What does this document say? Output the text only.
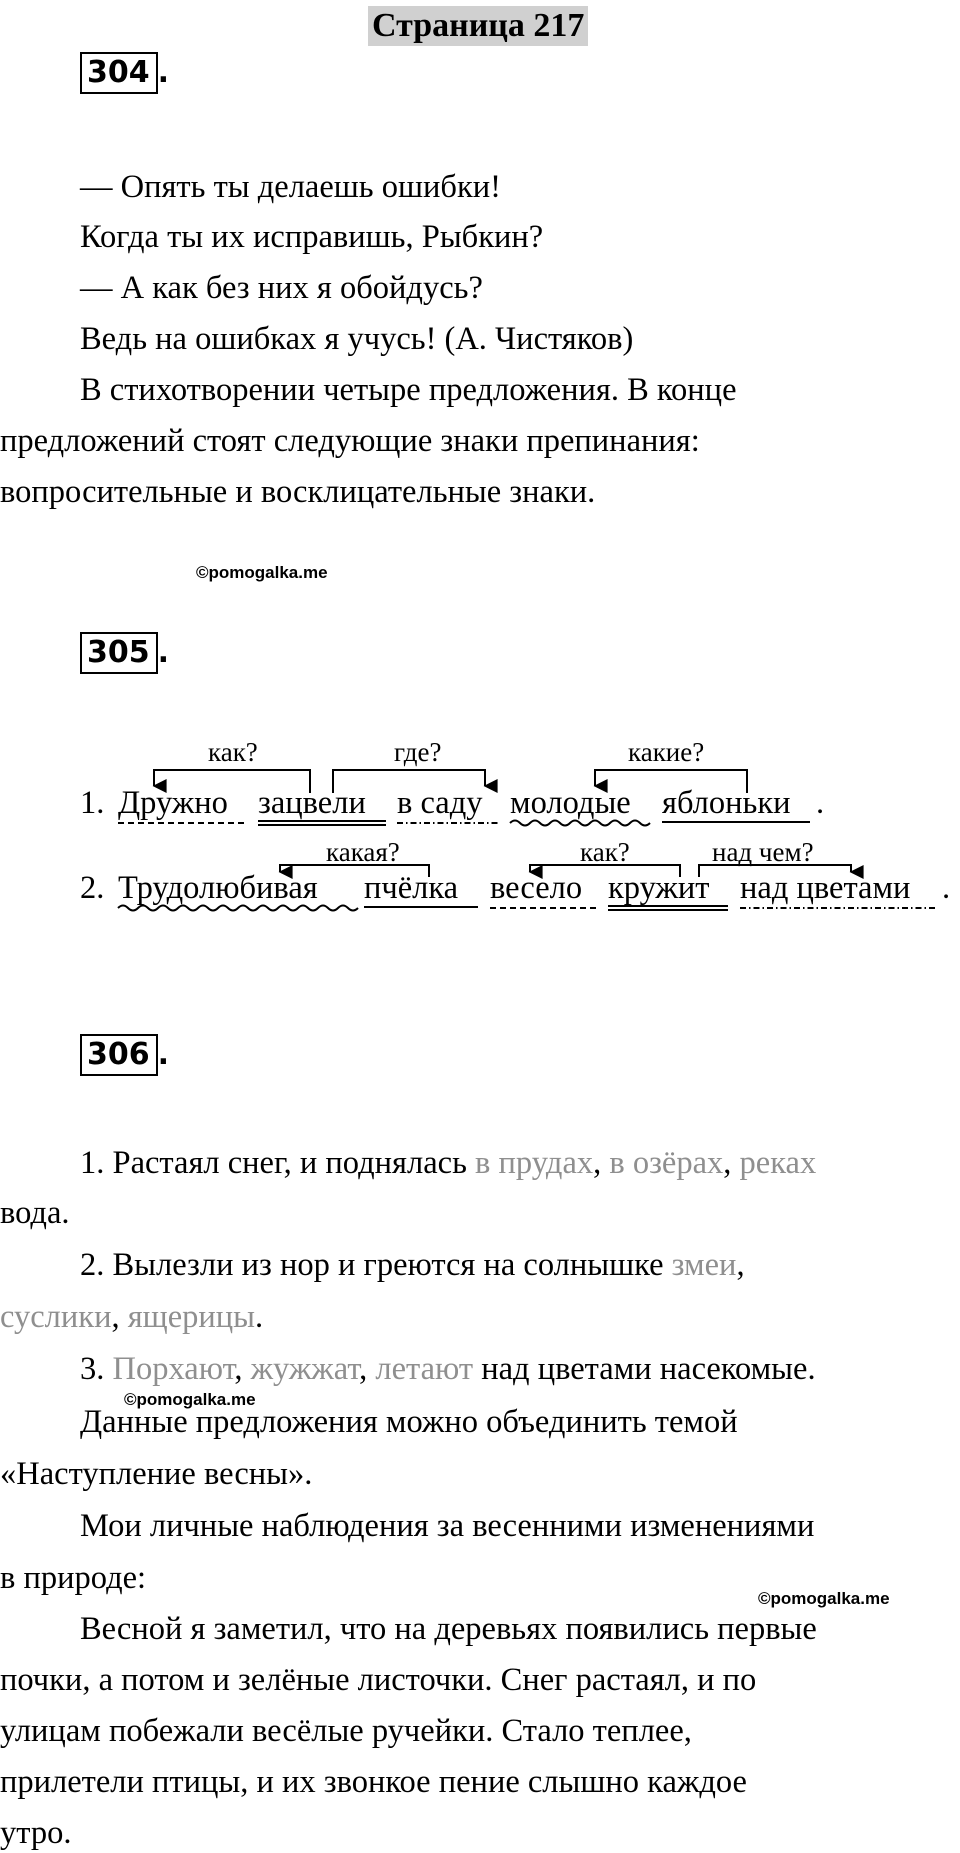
Страница 217
304 .
— Опять ты делаешь ошибки!
Когда ты их исправишь, Рыбкин?
— А как без них я обойдусь?
Ведь на ошибках я учусь! (А. Чистяков)
В стихотворении четыре предложения. В конце
предложений стоят следующие знаки препинания:
вопросительные и восклицательные знаки.
©pomogalka.me
305 .
1. Дружно зацвели в саду молодые яблоньки .
2. Трудолюбивая пчёлка весело кружит над цветами .
как?	где?	какие?
какая?	как?	над чем?
306 .
1. Растаял снег, и поднялась в прудах, в озёрах, реках
вода.
2. Вылезли из нор и греются на солнышке змеи,
суслики, ящерицы.
3. Порхают, жужжат, летают над цветами насекомые.
©pomogalka.me
Данные предложения можно объединить темой
«Наступление весны».
Мои личные наблюдения за весенними изменениями
в природе:
©pomogalka.me
Весной я заметил, что на деревьях появились первые
почки, а потом и зелёные листочки. Снег растаял, и по
улицам побежали весёлые ручейки. Стало теплее,
прилетели птицы, и их звонкое пение слышно каждое
утро.
